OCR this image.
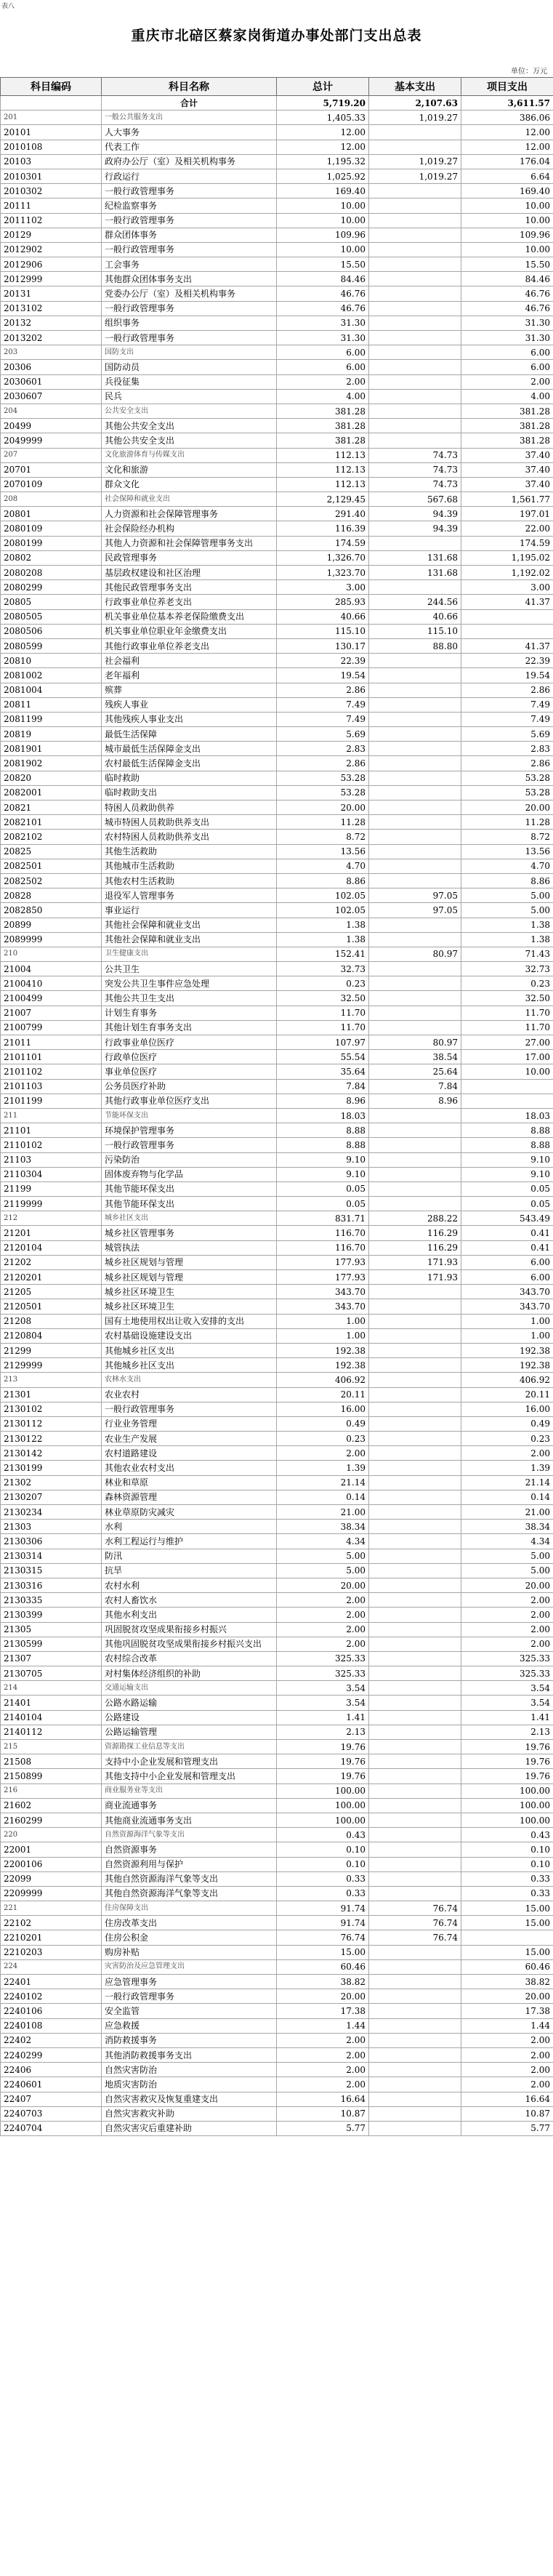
表八
重庆市北碚区蔡家岗街道办事处部门支出总表
单位：万元
科目编码	科目名称	总计	基本支出	项目支出
	合计	5,719.20	2,107.63	3,611.57
201	一般公共服务支出	1,405.33	1,019.27	386.06
20101	人大事务	12.00		12.00
2010108	代表工作	12.00		12.00
20103	政府办公厅（室）及相关机构事务	1,195.32	1,019.27	176.04
2010301	行政运行	1,025.92	1,019.27	6.64
2010302	一般行政管理事务	169.40		169.40
20111	纪检监察事务	10.00		10.00
2011102	一般行政管理事务	10.00		10.00
20129	群众团体事务	109.96		109.96
2012902	一般行政管理事务	10.00		10.00
2012906	工会事务	15.50		15.50
2012999	其他群众团体事务支出	84.46		84.46
20131	党委办公厅（室）及相关机构事务	46.76		46.76
2013102	一般行政管理事务	46.76		46.76
20132	组织事务	31.30		31.30
2013202	一般行政管理事务	31.30		31.30
203	国防支出	6.00		6.00
20306	国防动员	6.00		6.00
2030601	兵役征集	2.00		2.00
2030607	民兵	4.00		4.00
204	公共安全支出	381.28		381.28
20499	其他公共安全支出	381.28		381.28
2049999	其他公共安全支出	381.28		381.28
207	文化旅游体育与传媒支出	112.13	74.73	37.40
20701	文化和旅游	112.13	74.73	37.40
2070109	群众文化	112.13	74.73	37.40
208	社会保障和就业支出	2,129.45	567.68	1,561.77
20801	人力资源和社会保障管理事务	291.40	94.39	197.01
2080109	社会保险经办机构	116.39	94.39	22.00
2080199	其他人力资源和社会保障管理事务支出	174.59		174.59
20802	民政管理事务	1,326.70	131.68	1,195.02
2080208	基层政权建设和社区治理	1,323.70	131.68	1,192.02
2080299	其他民政管理事务支出	3.00		3.00
20805	行政事业单位养老支出	285.93	244.56	41.37
2080505	机关事业单位基本养老保险缴费支出	40.66	40.66	
2080506	机关事业单位职业年金缴费支出	115.10	115.10	
2080599	其他行政事业单位养老支出	130.17	88.80	41.37
20810	社会福利	22.39		22.39
2081002	老年福利	19.54		19.54
2081004	殡葬	2.86		2.86
20811	残疾人事业	7.49		7.49
2081199	其他残疾人事业支出	7.49		7.49
20819	最低生活保障	5.69		5.69
2081901	城市最低生活保障金支出	2.83		2.83
2081902	农村最低生活保障金支出	2.86		2.86
20820	临时救助	53.28		53.28
2082001	临时救助支出	53.28		53.28
20821	特困人员救助供养	20.00		20.00
2082101	城市特困人员救助供养支出	11.28		11.28
2082102	农村特困人员救助供养支出	8.72		8.72
20825	其他生活救助	13.56		13.56
2082501	其他城市生活救助	4.70		4.70
2082502	其他农村生活救助	8.86		8.86
20828	退役军人管理事务	102.05	97.05	5.00
2082850	事业运行	102.05	97.05	5.00
20899	其他社会保障和就业支出	1.38		1.38
2089999	其他社会保障和就业支出	1.38		1.38
210	卫生健康支出	152.41	80.97	71.43
21004	公共卫生	32.73		32.73
2100410	突发公共卫生事件应急处理	0.23		0.23
2100499	其他公共卫生支出	32.50		32.50
21007	计划生育事务	11.70		11.70
2100799	其他计划生育事务支出	11.70		11.70
21011	行政事业单位医疗	107.97	80.97	27.00
2101101	行政单位医疗	55.54	38.54	17.00
2101102	事业单位医疗	35.64	25.64	10.00
2101103	公务员医疗补助	7.84	7.84	
2101199	其他行政事业单位医疗支出	8.96	8.96	
211	节能环保支出	18.03		18.03
21101	环境保护管理事务	8.88		8.88
2110102	一般行政管理事务	8.88		8.88
21103	污染防治	9.10		9.10
2110304	固体废弃物与化学品	9.10		9.10
21199	其他节能环保支出	0.05		0.05
2119999	其他节能环保支出	0.05		0.05
212	城乡社区支出	831.71	288.22	543.49
21201	城乡社区管理事务	116.70	116.29	0.41
2120104	城管执法	116.70	116.29	0.41
21202	城乡社区规划与管理	177.93	171.93	6.00
2120201	城乡社区规划与管理	177.93	171.93	6.00
21205	城乡社区环境卫生	343.70		343.70
2120501	城乡社区环境卫生	343.70		343.70
21208	国有土地使用权出让收入安排的支出	1.00		1.00
2120804	农村基础设施建设支出	1.00		1.00
21299	其他城乡社区支出	192.38		192.38
2129999	其他城乡社区支出	192.38		192.38
213	农林水支出	406.92		406.92
21301	农业农村	20.11		20.11
2130102	一般行政管理事务	16.00		16.00
2130112	行业业务管理	0.49		0.49
2130122	农业生产发展	0.23		0.23
2130142	农村道路建设	2.00		2.00
2130199	其他农业农村支出	1.39		1.39
21302	林业和草原	21.14		21.14
2130207	森林资源管理	0.14		0.14
2130234	林业草原防灾减灾	21.00		21.00
21303	水利	38.34		38.34
2130306	水利工程运行与维护	4.34		4.34
2130314	防汛	5.00		5.00
2130315	抗旱	5.00		5.00
2130316	农村水利	20.00		20.00
2130335	农村人畜饮水	2.00		2.00
2130399	其他水利支出	2.00		2.00
21305	巩固脱贫攻坚成果衔接乡村振兴	2.00		2.00
2130599	其他巩固脱贫攻坚成果衔接乡村振兴支出	2.00		2.00
21307	农村综合改革	325.33		325.33
2130705	对村集体经济组织的补助	325.33		325.33
214	交通运输支出	3.54		3.54
21401	公路水路运输	3.54		3.54
2140104	公路建设	1.41		1.41
2140112	公路运输管理	2.13		2.13
215	资源勘探工业信息等支出	19.76		19.76
21508	支持中小企业发展和管理支出	19.76		19.76
2150899	其他支持中小企业发展和管理支出	19.76		19.76
216	商业服务业等支出	100.00		100.00
21602	商业流通事务	100.00		100.00
2160299	其他商业流通事务支出	100.00		100.00
220	自然资源海洋气象等支出	0.43		0.43
22001	自然资源事务	0.10		0.10
2200106	自然资源利用与保护	0.10		0.10
22099	其他自然资源海洋气象等支出	0.33		0.33
2209999	其他自然资源海洋气象等支出	0.33		0.33
221	住房保障支出	91.74	76.74	15.00
22102	住房改革支出	91.74	76.74	15.00
2210201	住房公积金	76.74	76.74	
2210203	购房补贴	15.00		15.00
224	灾害防治及应急管理支出	60.46		60.46
22401	应急管理事务	38.82		38.82
2240102	一般行政管理事务	20.00		20.00
2240106	安全监管	17.38		17.38
2240108	应急救援	1.44		1.44
22402	消防救援事务	2.00		2.00
2240299	其他消防救援事务支出	2.00		2.00
22406	自然灾害防治	2.00		2.00
2240601	地质灾害防治	2.00		2.00
22407	自然灾害救灾及恢复重建支出	16.64		16.64
2240703	自然灾害救灾补助	10.87		10.87
2240704	自然灾害灾后重建补助	5.77		5.77
